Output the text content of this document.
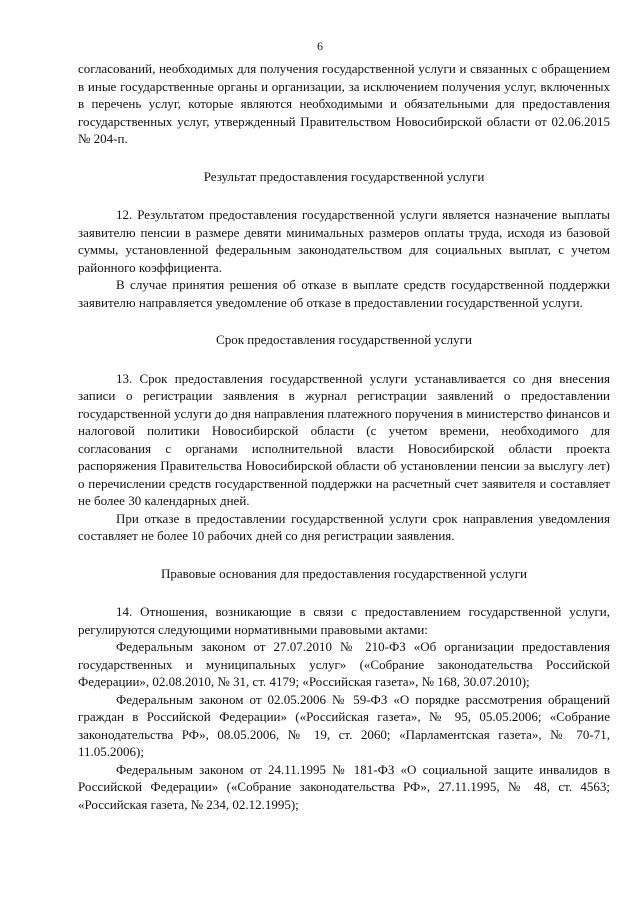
6

согласований, необходимых для получения государственной услуги и связанных с обращением в иные государственные органы и организации, за исключением получения услуг, включенных в перечень услуг, которые являются необходимыми и обязательными для предоставления государственных услуг, утвержденный Правительством Новосибирской области от 02.06.2015 № 204-п.

Результат предоставления государственной услуги

12. Результатом предоставления государственной услуги является назначение выплаты заявителю пенсии в размере девяти минимальных размеров оплаты труда, исходя из базовой суммы, установленной федеральным законодательством для социальных выплат, с учетом районного коэффициента.

В случае принятия решения об отказе в выплате средств государственной поддержки заявителю направляется уведомление об отказе в предоставлении государственной услуги.

Срок предоставления государственной услуги

13. Срок предоставления государственной услуги устанавливается со дня внесения записи о регистрации заявления в журнал регистрации заявлений о предоставлении государственной услуги до дня направления платежного поручения в министерство финансов и налоговой политики Новосибирской области (с учетом времени, необходимого для согласования с органами исполнительной власти Новосибирской области проекта распоряжения Правительства Новосибирской области об установлении пенсии за выслугу лет) о перечислении средств государственной поддержки на расчетный счет заявителя и составляет не более 30 календарных дней.

При отказе в предоставлении государственной услуги срок направления уведомления составляет не более 10 рабочих дней со дня регистрации заявления.

Правовые основания для предоставления государственной услуги

14. Отношения, возникающие в связи с предоставлением государственной услуги, регулируются следующими нормативными правовыми актами:

Федеральным законом от 27.07.2010 № 210-ФЗ «Об организации предоставления государственных и муниципальных услуг» («Собрание законодательства Российской Федерации», 02.08.2010, № 31, ст. 4179; «Российская газета», № 168, 30.07.2010);

Федеральным законом от 02.05.2006 № 59-ФЗ «О порядке рассмотрения обращений граждан в Российской Федерации» («Российская газета», № 95, 05.05.2006; «Собрание законодательства РФ», 08.05.2006, № 19, ст. 2060; «Парламентская газета», № 70-71, 11.05.2006);

Федеральным законом от 24.11.1995 № 181-ФЗ «О социальной защите инвалидов в Российской Федерации» («Собрание законодательства РФ», 27.11.1995, № 48, ст. 4563; «Российская газета, № 234, 02.12.1995);
